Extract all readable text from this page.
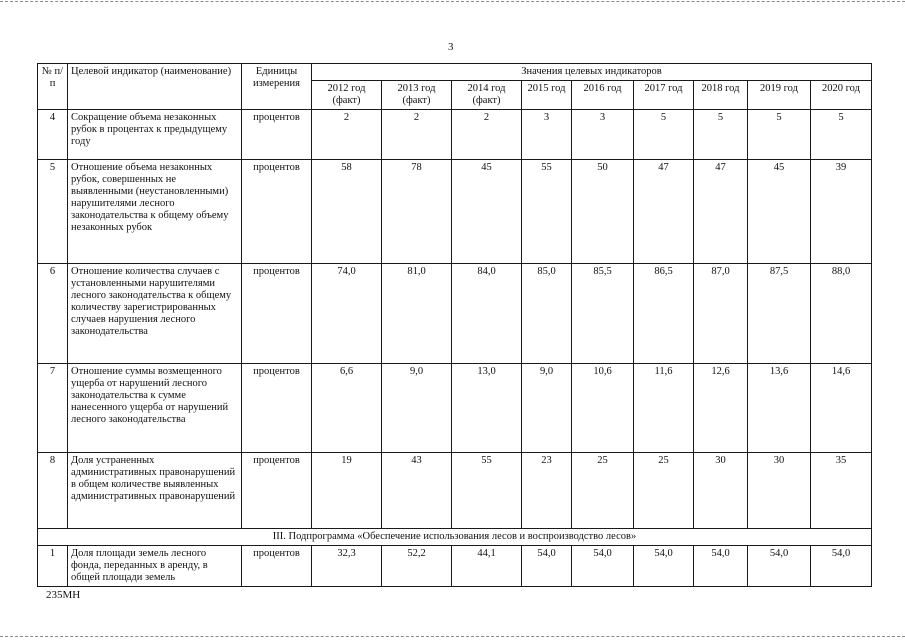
3
№ п/п	Целевой индикатор (наименование)	Единицы измерения	Значения целевых индикаторов								
			2012 год (факт)	2013 год (факт)	2014 год (факт)	2015 год	2016 год	2017 год	2018 год	2019 год	2020 год
4	Сокращение объема незаконных рубок в процентах к предыдущему году	процентов	2	2	2	3	3	5	5	5	5
5	Отношение объема незаконных рубок, совершенных не выявленными (неустановленными) нарушителями лесного законодательства к общему объему незаконных рубок	процентов	58	78	45	55	50	47	47	45	39
6	Отношение количества случаев с установленными нарушителями лесного законодательства к общему количеству зарегистрированных случаев нарушения лесного законодательства	процентов	74,0	81,0	84,0	85,0	85,5	86,5	87,0	87,5	88,0
7	Отношение суммы возмещенного ущерба от нарушений лесного законодательства к сумме нанесенного ущерба от нарушений лесного законодательства	процентов	6,6	9,0	13,0	9,0	10,6	11,6	12,6	13,6	14,6
8	Доля устраненных административных правонарушений в общем количестве выявленных административных правонарушений	процентов	19	43	55	23	25	25	30	30	35
III. Подпрограмма «Обеспечение использования лесов и воспроизводство лесов»											
1	Доля площади земель лесного фонда, переданных в аренду, в общей площади земель	процентов	32,3	52,2	44,1	54,0	54,0	54,0	54,0	54,0	54,0
235МН
